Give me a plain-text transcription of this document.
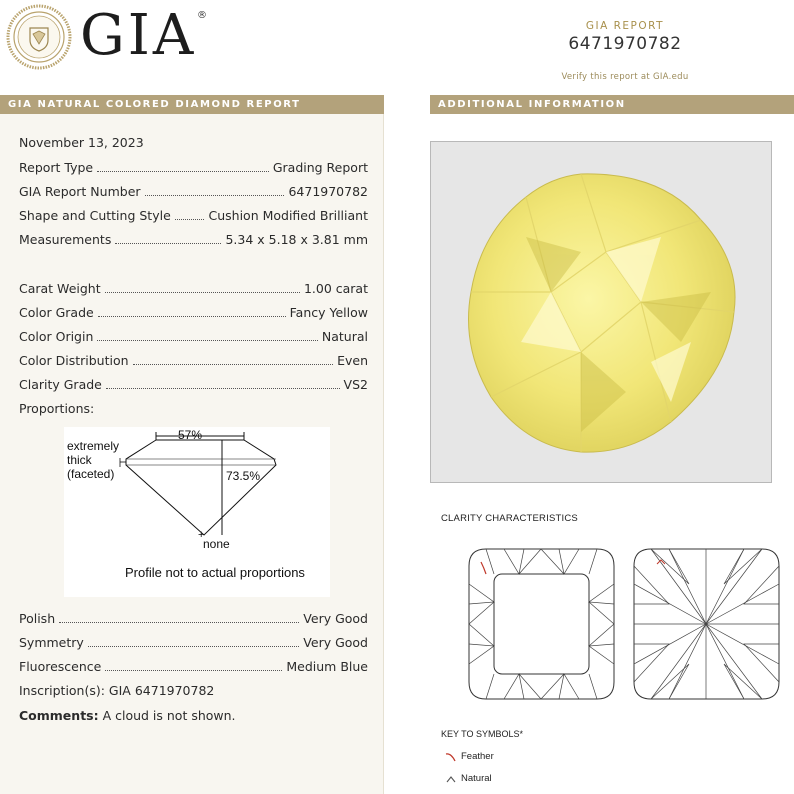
GIA ®
GIA REPORT
6471970782
Verify this report at GIA.edu
GIA NATURAL COLORED DIAMOND REPORT	ADDITIONAL INFORMATION
November 13, 2023
Report Type	Grading Report
GIA Report Number	6471970782
Shape and Cutting Style	Cushion Modified Brilliant
Measurements	5.34 x 5.18 x 3.81 mm
Carat Weight	1.00 carat
Color Grade	Fancy Yellow
Color Origin	Natural
Color Distribution	Even
Clarity Grade	VS2
Proportions:
57%
73.5%
extremely
thick
(faceted)
+
none
Profile not to actual proportions
Polish	Very Good
Symmetry	Very Good
Fluorescence	Medium Blue
Inscription(s): GIA 6471970782
Comments: A cloud is not shown.
CLARITY CHARACTERISTICS
KEY TO SYMBOLS*
Feather
Natural
